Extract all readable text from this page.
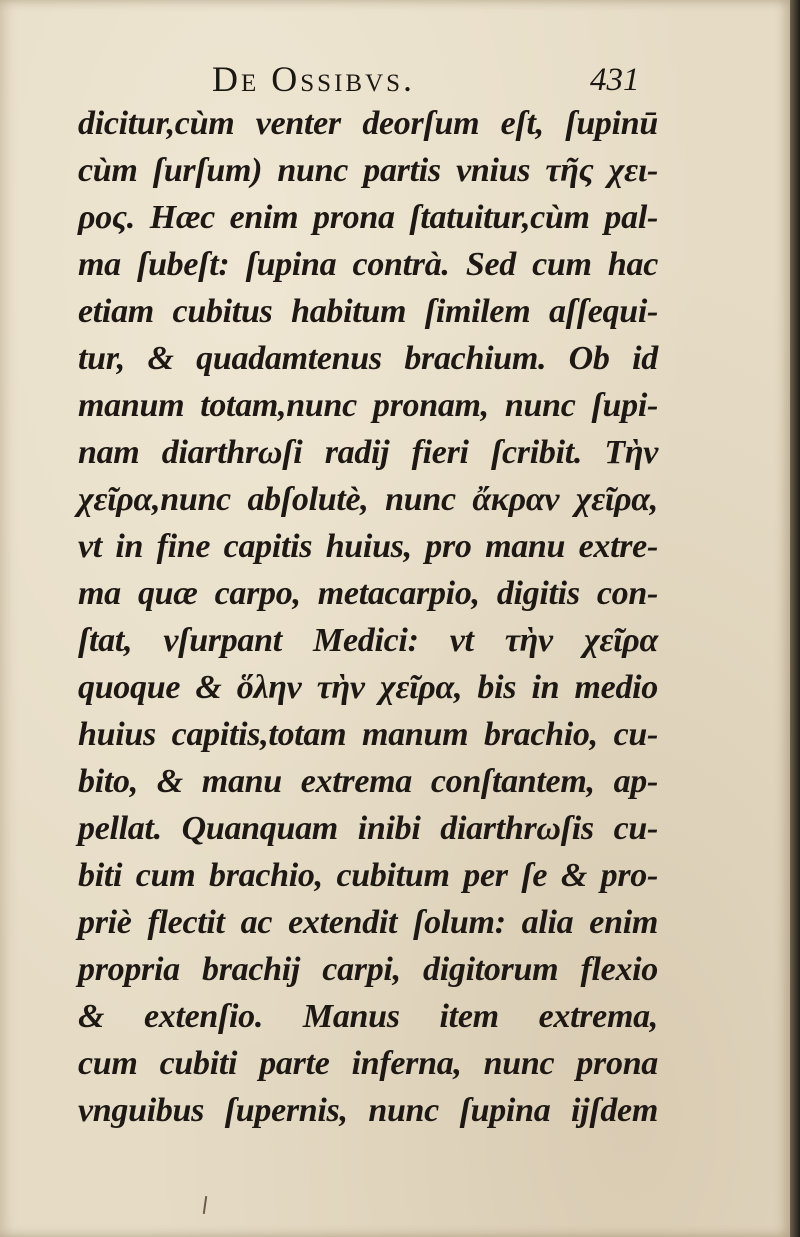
De Ossibvs.	431
dicitur,cùm venter deorſum eſt, ſupinū
cùm ſurſum) nunc partis vnius τῆς χει-
ρος. Hæc enim prona ſtatuitur,cùm pal-
ma ſubeſt: ſupina contrà. Sed cum hac
etiam cubitus habitum ſimilem aſſequi-
tur, & quadamtenus brachium. Ob id
manum totam,nunc pronam, nunc ſupi-
nam diarthrωſi radij fieri ſcribit. Τὴν
χεῖρα,nunc abſolutè, nunc ἄκραν χεῖρα,
vt in fine capitis huius, pro manu extre-
ma quæ carpo, metacarpio, digitis con-
ſtat, vſurpant Medici: vt τὴν χεῖρα
quoque & ὅλην τὴν χεῖρα, bis in medio
huius capitis,totam manum brachio, cu-
bito, & manu extrema conſtantem, ap-
pellat. Quanquam inibi diarthrωſis cu-
biti cum brachio, cubitum per ſe & pro-
priè flectit ac extendit ſolum: alia enim
propria brachij carpi, digitorum flexio
& extenſio. Manus item extrema,
cum cubiti parte inferna, nunc prona
vnguibus ſupernis, nunc ſupina ijſdem
